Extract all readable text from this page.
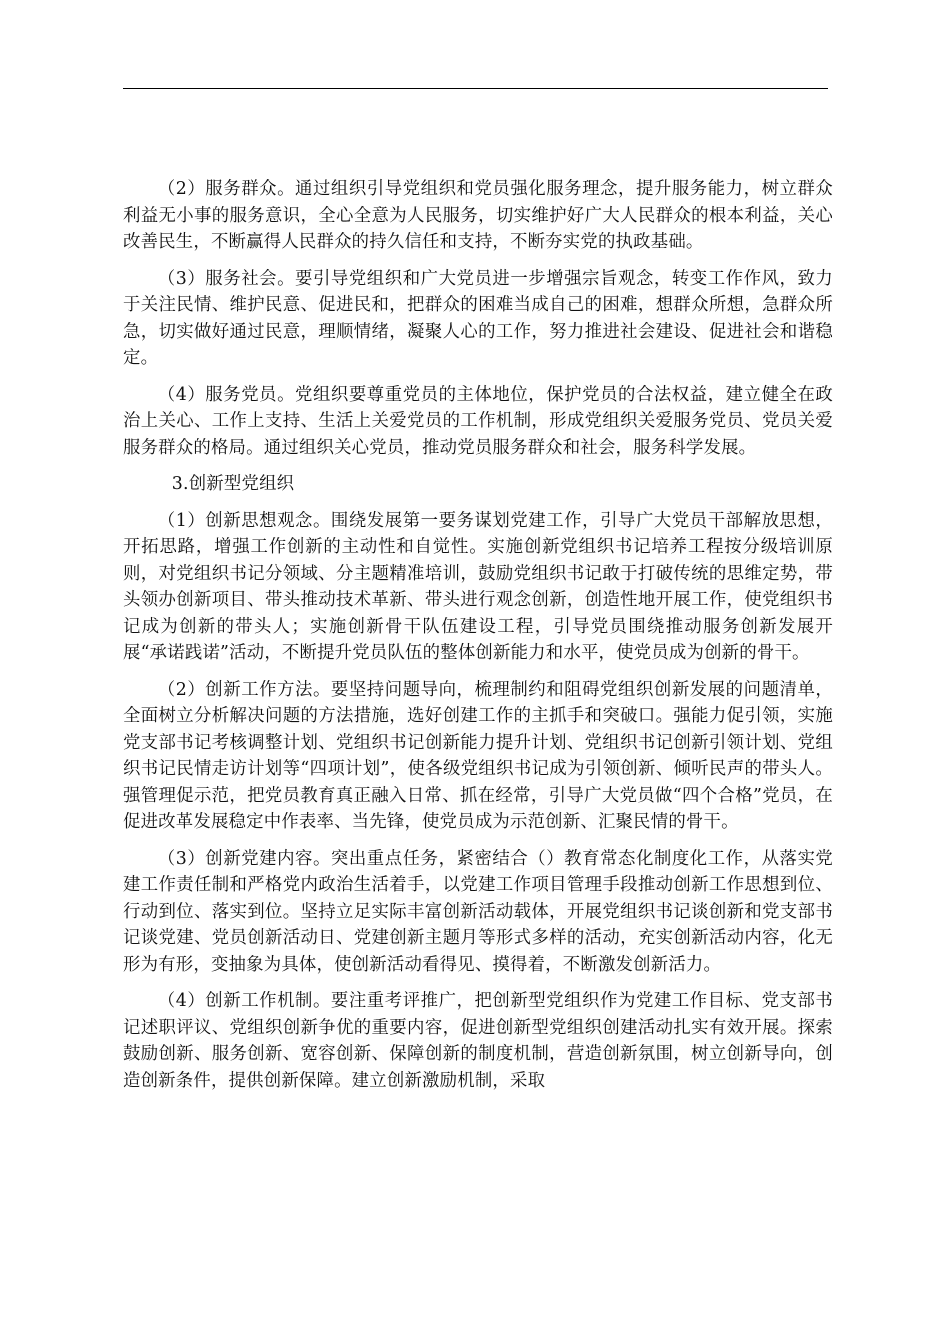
（2）服务群众。通过组织引导党组织和党员强化服务理念，提升服务能力，树立群众利益无小事的服务意识，全心全意为人民服务，切实维护好广大人民群众的根本利益，关心改善民生，不断赢得人民群众的持久信任和支持，不断夯实党的执政基础。

（3）服务社会。要引导党组织和广大党员进一步增强宗旨观念，转变工作作风，致力于关注民情、维护民意、促进民和，把群众的困难当成自己的困难，想群众所想，急群众所急，切实做好通过民意，理顺情绪，凝聚人心的工作，努力推进社会建设、促进社会和谐稳定。

（4）服务党员。党组织要尊重党员的主体地位，保护党员的合法权益，建立健全在政治上关心、工作上支持、生活上关爱党员的工作机制，形成党组织关爱服务党员、党员关爱服务群众的格局。通过组织关心党员，推动党员服务群众和社会，服务科学发展。

3.创新型党组织

（1）创新思想观念。围绕发展第一要务谋划党建工作，引导广大党员干部解放思想，开拓思路，增强工作创新的主动性和自觉性。实施创新党组织书记培养工程按分级培训原则，对党组织书记分领域、分主题精准培训，鼓励党组织书记敢于打破传统的思维定势，带头领办创新项目、带头推动技术革新、带头进行观念创新，创造性地开展工作，使党组织书记成为创新的带头人；实施创新骨干队伍建设工程，引导党员围绕推动服务创新发展开展“承诺践诺”活动，不断提升党员队伍的整体创新能力和水平，使党员成为创新的骨干。

（2）创新工作方法。要坚持问题导向，梳理制约和阻碍党组织创新发展的问题清单，全面树立分析解决问题的方法措施，选好创建工作的主抓手和突破口。强能力促引领，实施党支部书记考核调整计划、党组织书记创新能力提升计划、党组织书记创新引领计划、党组织书记民情走访计划等“四项计划”，使各级党组织书记成为引领创新、倾听民声的带头人。强管理促示范，把党员教育真正融入日常、抓在经常，引导广大党员做“四个合格”党员，在促进改革发展稳定中作表率、当先锋，使党员成为示范创新、汇聚民情的骨干。

（3）创新党建内容。突出重点任务，紧密结合（）教育常态化制度化工作，从落实党建工作责任制和严格党内政治生活着手，以党建工作项目管理手段推动创新工作思想到位、行动到位、落实到位。坚持立足实际丰富创新活动载体，开展党组织书记谈创新和党支部书记谈党建、党员创新活动日、党建创新主题月等形式多样的活动，充实创新活动内容，化无形为有形，变抽象为具体，使创新活动看得见、摸得着，不断激发创新活力。

（4）创新工作机制。要注重考评推广，把创新型党组织作为党建工作目标、党支部书记述职评议、党组织创新争优的重要内容，促进创新型党组织创建活动扎实有效开展。探索鼓励创新、服务创新、宽容创新、保障创新的制度机制，营造创新氛围，树立创新导向，创造创新条件，提供创新保障。建立创新激励机制，采取
